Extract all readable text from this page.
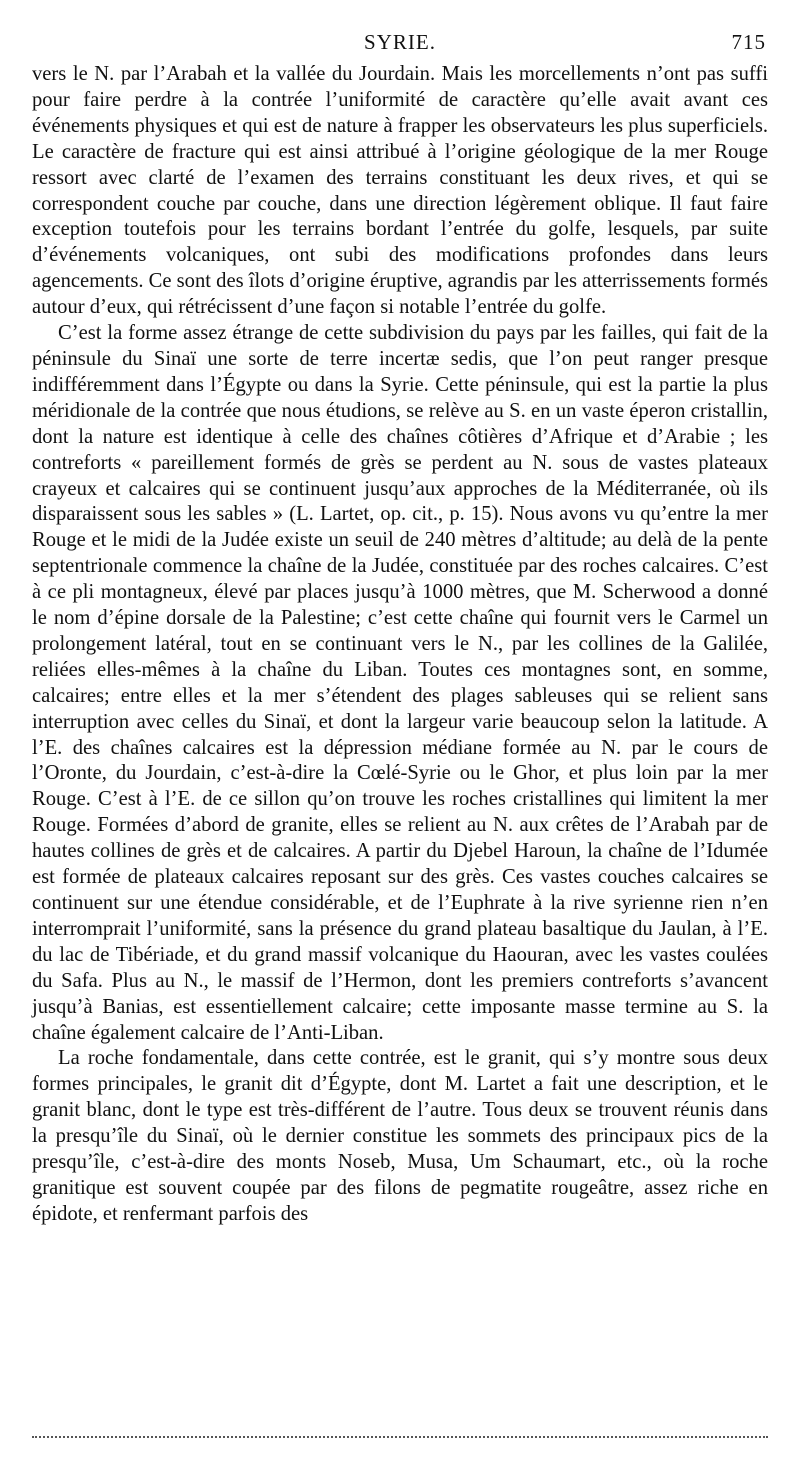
SYRIE.	715

vers le N. par l’Arabah et la vallée du Jourdain. Mais les morcellements n’ont pas suffi pour faire perdre à la contrée l’uniformité de caractère qu’elle avait avant ces événements physiques et qui est de nature à frapper les observateurs les plus superficiels. Le caractère de fracture qui est ainsi attribué à l’origine géologique de la mer Rouge ressort avec clarté de l’examen des terrains constituant les deux rives, et qui se correspondent couche par couche, dans une direction légèrement oblique. Il faut faire exception toutefois pour les terrains bordant l’entrée du golfe, lesquels, par suite d’événements volcaniques, ont subi des modifications profondes dans leurs agencements. Ce sont des îlots d’origine éruptive, agrandis par les atterrissements formés autour d’eux, qui rétrécissent d’une façon si notable l’entrée du golfe.

C’est la forme assez étrange de cette subdivision du pays par les failles, qui fait de la péninsule du Sinaï une sorte de terre incertæ sedis, que l’on peut ranger presque indifféremment dans l’Égypte ou dans la Syrie. Cette péninsule, qui est la partie la plus méridionale de la contrée que nous étudions, se relève au S. en un vaste éperon cristallin, dont la nature est identique à celle des chaînes côtières d’Afrique et d’Arabie ; les contreforts « pareillement formés de grès se perdent au N. sous de vastes plateaux crayeux et calcaires qui se continuent jusqu’aux approches de la Méditerranée, où ils disparaissent sous les sables » (L. Lartet, op. cit., p. 15). Nous avons vu qu’entre la mer Rouge et le midi de la Judée existe un seuil de 240 mètres d’altitude; au delà de la pente septentrionale commence la chaîne de la Judée, constituée par des roches calcaires. C’est à ce pli montagneux, élevé par places jusqu’à 1000 mètres, que M. Scherwood a donné le nom d’épine dorsale de la Palestine; c’est cette chaîne qui fournit vers le Carmel un prolongement latéral, tout en se continuant vers le N., par les collines de la Galilée, reliées elles-mêmes à la chaîne du Liban. Toutes ces montagnes sont, en somme, calcaires; entre elles et la mer s’étendent des plages sableuses qui se relient sans interruption avec celles du Sinaï, et dont la largeur varie beaucoup selon la latitude. A l’E. des chaînes calcaires est la dépression médiane formée au N. par le cours de l’Oronte, du Jourdain, c’est-à-dire la Cœlé-Syrie ou le Ghor, et plus loin par la mer Rouge. C’est à l’E. de ce sillon qu’on trouve les roches cristallines qui limitent la mer Rouge. Formées d’abord de granite, elles se relient au N. aux crêtes de l’Arabah par de hautes collines de grès et de calcaires. A partir du Djebel Haroun, la chaîne de l’Idumée est formée de plateaux calcaires reposant sur des grès. Ces vastes couches calcaires se continuent sur une étendue considérable, et de l’Euphrate à la rive syrienne rien n’en interromprait l’uniformité, sans la présence du grand plateau basaltique du Jaulan, à l’E. du lac de Tibériade, et du grand massif volcanique du Haouran, avec les vastes coulées du Safa. Plus au N., le massif de l’Hermon, dont les premiers contreforts s’avancent jusqu’à Banias, est essentiellement calcaire; cette imposante masse termine au S. la chaîne également calcaire de l’Anti-Liban.

La roche fondamentale, dans cette contrée, est le granit, qui s’y montre sous deux formes principales, le granit dit d’Égypte, dont M. Lartet a fait une description, et le granit blanc, dont le type est très-différent de l’autre. Tous deux se trouvent réunis dans la presqu’île du Sinaï, où le dernier constitue les sommets des principaux pics de la presqu’île, c’est-à-dire des monts Noseb, Musa, Um Schaumart, etc., où la roche granitique est souvent coupée par des filons de pegmatite rougeâtre, assez riche en épidote, et renfermant parfois des
